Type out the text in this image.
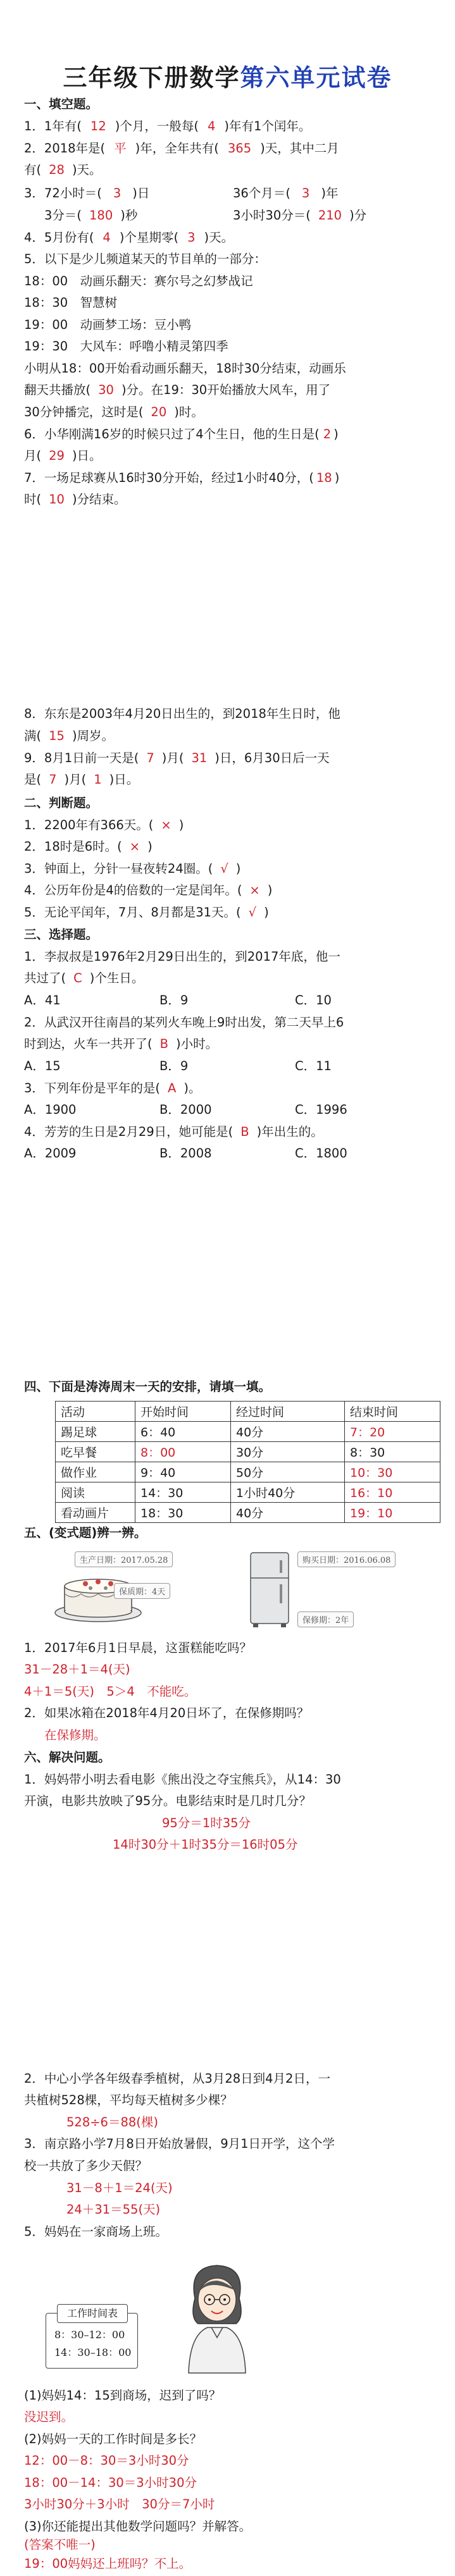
三年级下册数学第六单元试卷
一、填空题。
1．1年有( 12 )个月，一般每( 4 )年有1个闰年。
2．2018年是( 平 )年，全年共有( 365 )天，其中二月
有( 28 )天。
3．72小时＝( 3 )日	36个月＝( 3 )年
3分＝( 180 )秒	3小时30分＝( 210 )分
4．5月份有( 4 )个星期零( 3 )天。
5．以下是少儿频道某天的节目单的一部分：
18：00　动画乐翻天：赛尔号之幻梦战记
18：30　智慧树
19：00　动画梦工场：豆小鸭
19：30　大风车：呼噜小精灵第四季
小明从18：00开始看动画乐翻天，18时30分结束，动画乐
翻天共播放( 30 )分。在19：30开始播放大风车，用了
30分钟播完，这时是( 20 )时。
6．小华刚满16岁的时候只过了4个生日，他的生日是( 2 )
月( 29 )日。
7．一场足球赛从16时30分开始，经过1小时40分，( 18 )
时( 10 )分结束。
8．东东是2003年4月20日出生的，到2018年生日时，他
满( 15 )周岁。
9．8月1日前一天是( 7 )月( 31 )日，6月30日后一天
是( 7 )月( 1 )日。
二、判断题。
1．2200年有366天。( × )
2．18时是6时。( × )
3．钟面上，分针一昼夜转24圈。( √ )
4．公历年份是4的倍数的一定是闰年。( × )
5．无论平闰年，7月、8月都是31天。( √ )
三、选择题。
1．李叔叔是1976年2月29日出生的，到2017年底，他一
共过了( C )个生日。
A．41	B．9	C．10
2．从武汉开往南昌的某列火车晚上9时出发，第二天早上6
时到达，火车一共开了( B )小时。
A．15	B．9	C．11
3．下列年份是平年的是( A )。
A．1900	B．2000	C．1996
4．芳芳的生日是2月29日，她可能是( B )年出生的。
A．2009	B．2008	C．1800
四、下面是涛涛周末一天的安排，请填一填。
活动	开始时间	经过时间	结束时间
踢足球	6：40	40分	7：20
吃早餐	8：00	30分	8：30
做作业	9：40	50分	10：30
阅读	14：30	1小时40分	16：10
看动画片	18：30	40分	19：10
五、(变式题)辨一辨。
生产日期：2017.05.28
保质期：4天
购买日期：2016.06.08
保修期：2年
1．2017年6月1日早晨，这蛋糕能吃吗？
31－28＋1＝4(天)
4＋1＝5(天)　5＞4　不能吃。
2．如果冰箱在2018年4月20日坏了，在保修期吗？
在保修期。
六、解决问题。
1．妈妈带小明去看电影《熊出没之夺宝熊兵》，从14：30
开演，电影共放映了95分。电影结束时是几时几分？
95分＝1时35分
14时30分＋1时35分＝16时05分
2．中心小学各年级春季植树，从3月28日到4月2日，一
共植树528棵，平均每天植树多少棵？
528÷6＝88(棵)
3．南京路小学7月8日开始放暑假，9月1日开学，这个学
校一共放了多少天假？
31－8＋1＝24(天)
24＋31＝55(天)
5．妈妈在一家商场上班。
工作时间表
8：30–12：00
14：30–18：00
(1)妈妈14：15到商场，迟到了吗？
没迟到。
(2)妈妈一天的工作时间是多长？
12：00－8：30＝3小时30分
18：00－14：30＝3小时30分
3小时30分＋3小时　30分＝7小时
(3)你还能提出其他数学问题吗？并解答。
(答案不唯一)
19：00妈妈还上班吗？不上。
